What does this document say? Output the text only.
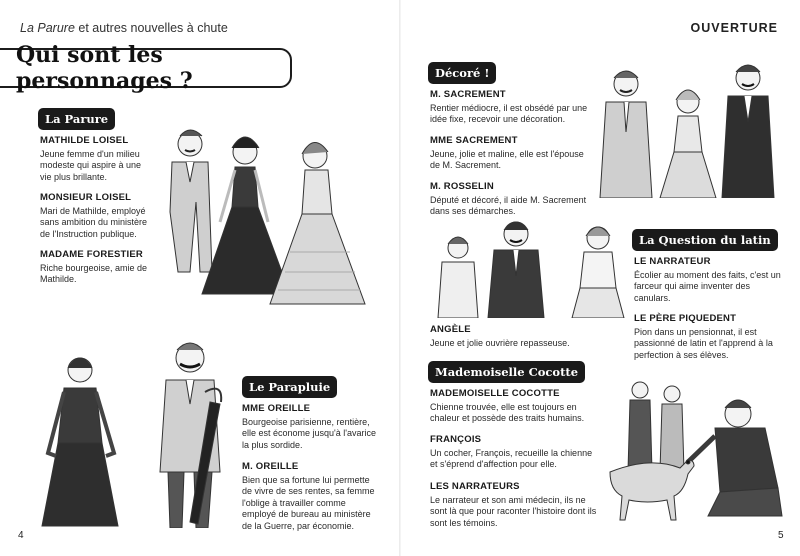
La Parure et autres nouvelles à chute
Qui sont les personnages ?
La Parure
MATHILDE LOISEL
Jeune femme d'un milieu modeste qui aspire à une vie plus brillante.
MONSIEUR LOISEL
Mari de Mathilde, employé sans ambition du ministère de l'Instruction publique.
MADAME FORESTIER
Riche bourgeoise, amie de Mathilde.
Le Parapluie
MME OREILLE
Bourgeoise parisienne, rentière, elle est économe jusqu'à l'avarice la plus sordide.
M. OREILLE
Bien que sa fortune lui permette de vivre de ses rentes, sa femme l'oblige à travailler comme employé de bureau au ministère de la Guerre, par économie.
4
OUVERTURE
Décoré !
M. SACREMENT
Rentier médiocre, il est obsédé par une idée fixe, recevoir une décoration.
MME SACREMENT
Jeune, jolie et maline, elle est l'épouse de M. Sacrement.
M. ROSSELIN
Député et décoré, il aide M. Sacrement dans ses démarches.
ANGÈLE
Jeune et jolie ouvrière repasseuse.
La Question du latin
LE NARRATEUR
Écolier au moment des faits, c'est un farceur qui aime inventer des canulars.
LE PÈRE PIQUEDENT
Pion dans un pensionnat, il est passionné de latin et l'apprend à la perfection à ses élèves.
Mademoiselle Cocotte
MADEMOISELLE COCOTTE
Chienne trouvée, elle est toujours en chaleur et possède des traits humains.
FRANÇOIS
Un cocher, François, recueille la chienne et s'éprend d'affection pour elle.
LES NARRATEURS
Le narrateur et son ami médecin, ils ne sont là que pour raconter l'histoire dont ils sont les témoins.
5
